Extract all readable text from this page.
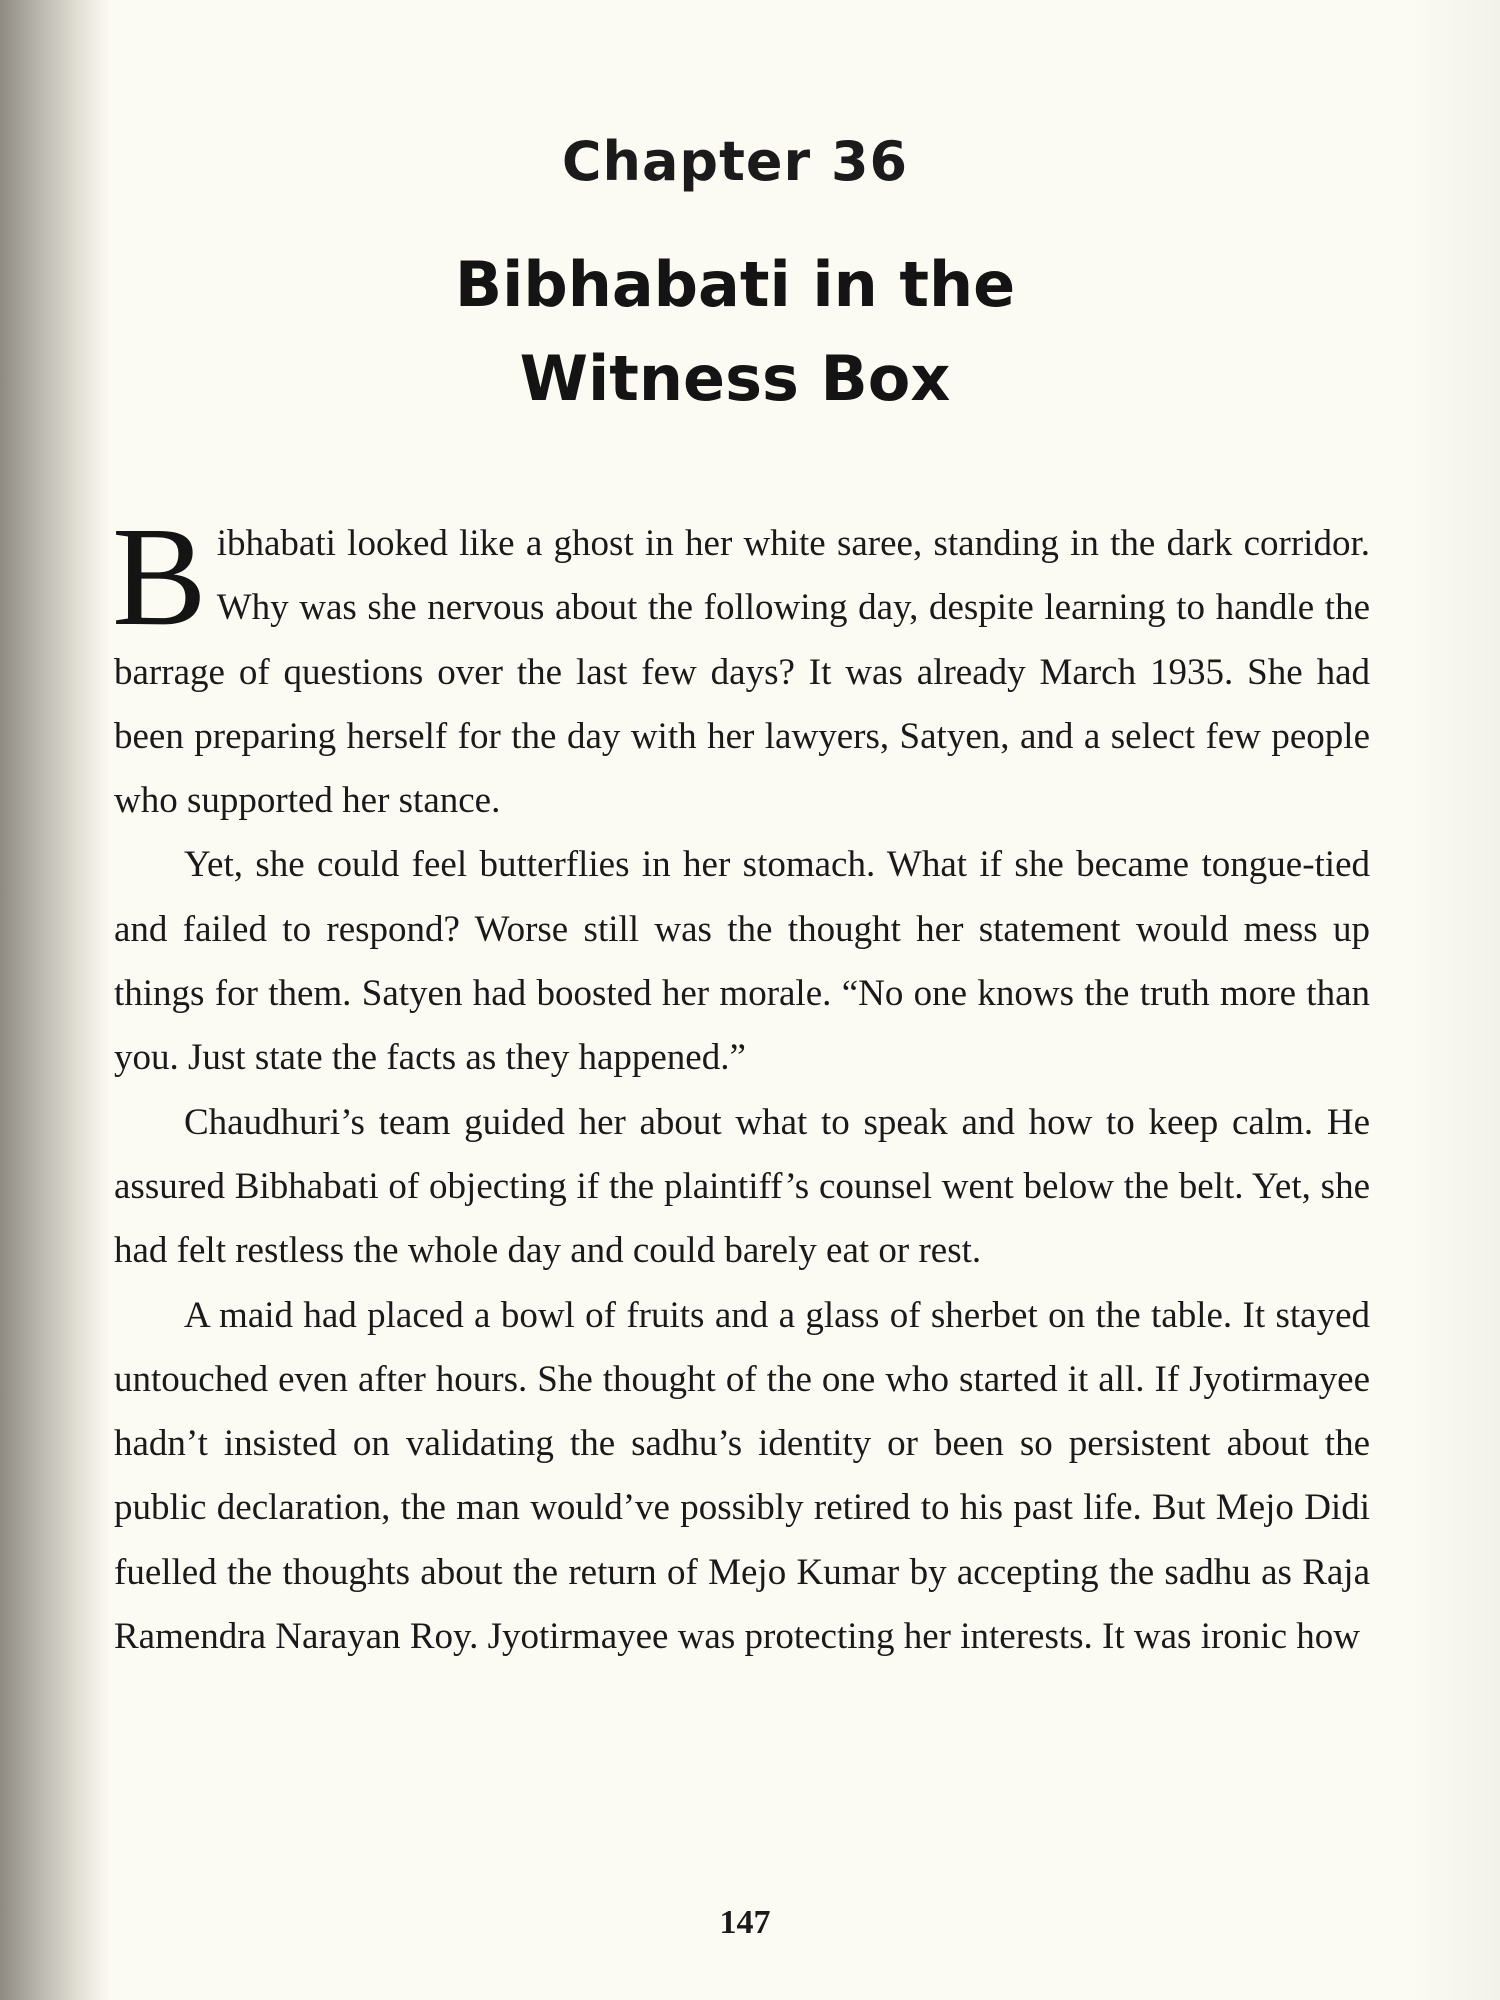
Chapter 36
Bibhabati in the
Witness Box

Bibhabati looked like a ghost in her white saree, standing in the dark corridor. Why was she nervous about the following day, despite learning to handle the barrage of questions over the last few days? It was already March 1935. She had been preparing herself for the day with her lawyers, Satyen, and a select few people who supported her stance.

Yet, she could feel butterflies in her stomach. What if she became tongue-tied and failed to respond? Worse still was the thought her statement would mess up things for them. Satyen had boosted her morale. “No one knows the truth more than you. Just state the facts as they happened.”

Chaudhuri’s team guided her about what to speak and how to keep calm. He assured Bibhabati of objecting if the plaintiff’s counsel went below the belt. Yet, she had felt restless the whole day and could barely eat or rest.

A maid had placed a bowl of fruits and a glass of sherbet on the table. It stayed untouched even after hours. She thought of the one who started it all. If Jyotirmayee hadn’t insisted on validating the sadhu’s identity or been so persistent about the public declaration, the man would’ve possibly retired to his past life. But Mejo Didi fuelled the thoughts about the return of Mejo Kumar by accepting the sadhu as Raja Ramendra Narayan Roy. Jyotirmayee was protecting her interests. It was ironic how

147
